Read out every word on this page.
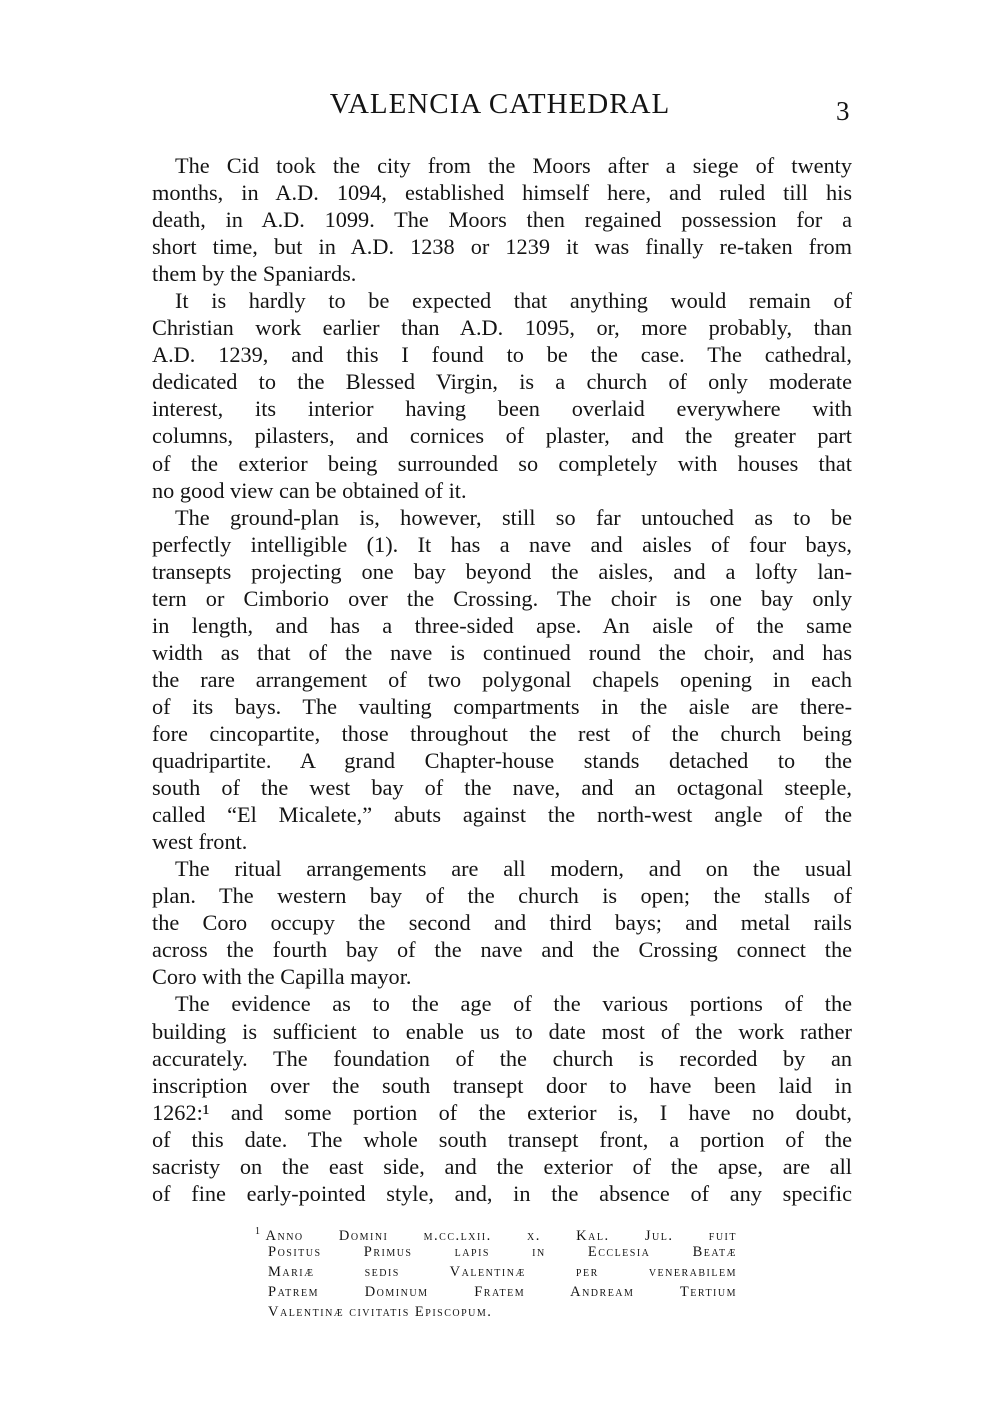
VALENCIA CATHEDRAL	3
The Cid took the city from the Moors after a siege of twenty
months, in A.D. 1094, established himself here, and ruled till his
death, in A.D. 1099. The Moors then regained possession for a
short time, but in A.D. 1238 or 1239 it was finally re-taken from
them by the Spaniards.
It is hardly to be expected that anything would remain of
Christian work earlier than A.D. 1095, or, more probably, than
A.D. 1239, and this I found to be the case. The cathedral,
dedicated to the Blessed Virgin, is a church of only moderate
interest, its interior having been overlaid everywhere with
columns, pilasters, and cornices of plaster, and the greater part
of the exterior being surrounded so completely with houses that
no good view can be obtained of it.
The ground-plan is, however, still so far untouched as to be
perfectly intelligible (1). It has a nave and aisles of four bays,
transepts projecting one bay beyond the aisles, and a lofty lan-
tern or Cimborio over the Crossing. The choir is one bay only
in length, and has a three-sided apse. An aisle of the same
width as that of the nave is continued round the choir, and has
the rare arrangement of two polygonal chapels opening in each
of its bays. The vaulting compartments in the aisle are there-
fore cincopartite, those throughout the rest of the church being
quadripartite. A grand Chapter-house stands detached to the
south of the west bay of the nave, and an octagonal steeple,
called “El Micalete,” abuts against the north-west angle of the
west front.
The ritual arrangements are all modern, and on the usual
plan. The western bay of the church is open; the stalls of
the Coro occupy the second and third bays; and metal rails
across the fourth bay of the nave and the Crossing connect the
Coro with the Capilla mayor.
The evidence as to the age of the various portions of the
building is sufficient to enable us to date most of the work rather
accurately. The foundation of the church is recorded by an
inscription over the south transept door to have been laid in
1262:¹ and some portion of the exterior is, I have no doubt,
of this date. The whole south transept front, a portion of the
sacristy on the east side, and the exterior of the apse, are all
of fine early-pointed style, and, in the absence of any specific
$^1$ Anno Domini m.cc.lxii. x. Kal. Jul. fuit
Positus Primus lapis in Ecclesia Beatæ
Mariæ sedis Valentinæ per venerabilem
Patrem Dominum Fratem Andream Tertium
Valentinæ civitatis Episcopum.
